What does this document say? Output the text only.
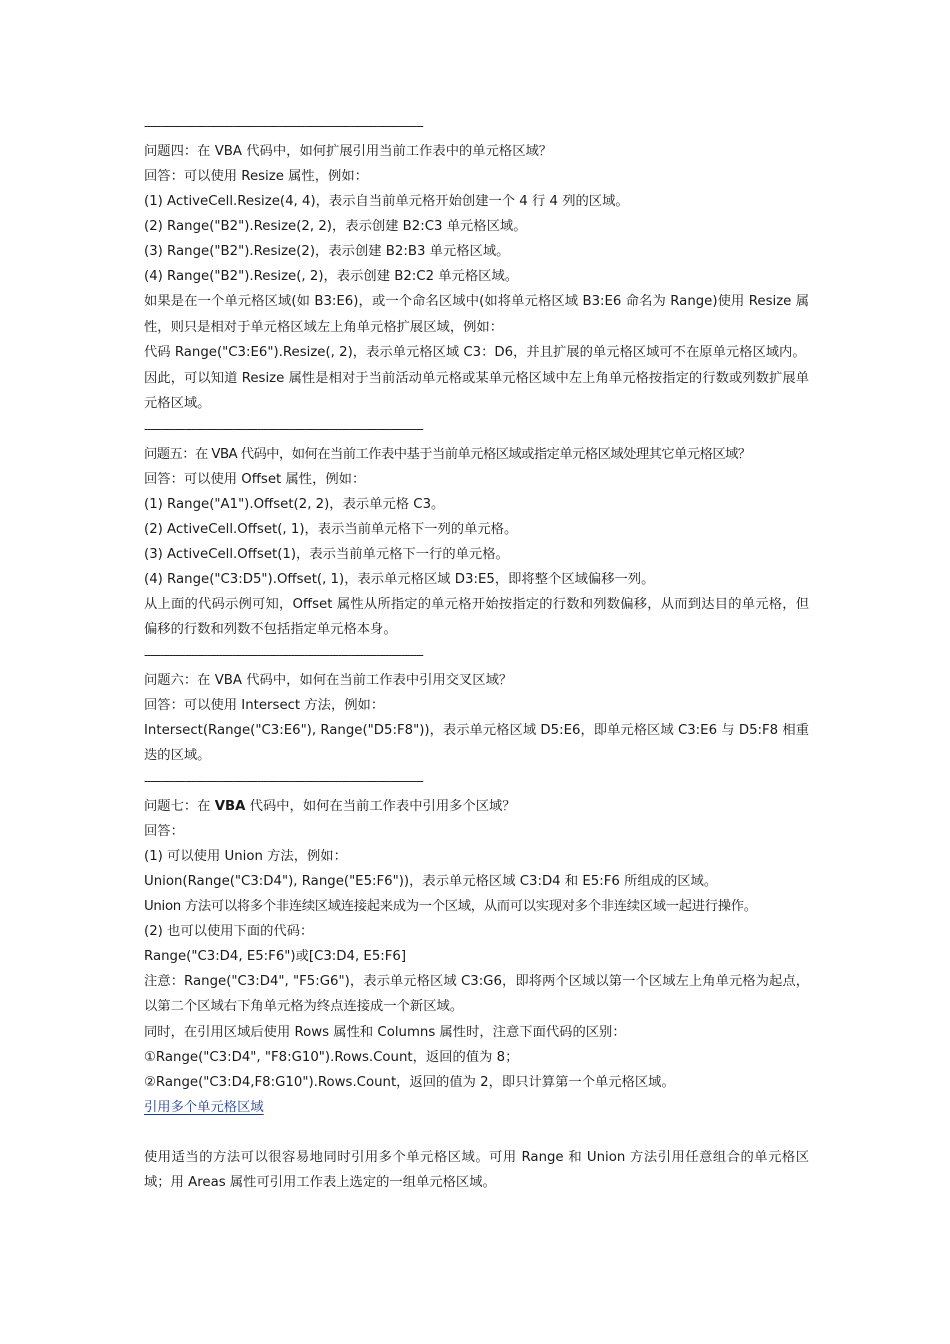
-----------------------------------------------------------------------------------------
问题四：在 VBA 代码中，如何扩展引用当前工作表中的单元格区域？
回答：可以使用 Resize 属性，例如：
(1) ActiveCell.Resize(4, 4)，表示自当前单元格开始创建一个 4 行 4 列的区域。
(2) Range("B2").Resize(2, 2)，表示创建 B2:C3 单元格区域。
(3) Range("B2").Resize(2)，表示创建 B2:B3 单元格区域。
(4) Range("B2").Resize(, 2)，表示创建 B2:C2 单元格区域。
如果是在一个单元格区域(如 B3:E6)，或一个命名区域中(如将单元格区域 B3:E6 命名为 Range)使用 Resize 属性，则只是相对于单元格区域左上角单元格扩展区域，例如：
代码 Range("C3:E6").Resize(, 2)，表示单元格区域 C3：D6，并且扩展的单元格区域可不在原单元格区域内。
因此，可以知道 Resize 属性是相对于当前活动单元格或某单元格区域中左上角单元格按指定的行数或列数扩展单元格区域。
-----------------------------------------------------------------------------------------
问题五：在 VBA 代码中，如何在当前工作表中基于当前单元格区域或指定单元格区域处理其它单元格区域？
回答：可以使用 Offset 属性，例如：
(1) Range("A1").Offset(2, 2)，表示单元格 C3。
(2) ActiveCell.Offset(, 1)，表示当前单元格下一列的单元格。
(3) ActiveCell.Offset(1)，表示当前单元格下一行的单元格。
(4) Range("C3:D5").Offset(, 1)，表示单元格区域 D3:E5，即将整个区域偏移一列。
从上面的代码示例可知，Offset 属性从所指定的单元格开始按指定的行数和列数偏移，从而到达目的单元格，但偏移的行数和列数不包括指定单元格本身。
-----------------------------------------------------------------------------------------
问题六：在 VBA 代码中，如何在当前工作表中引用交叉区域？
回答：可以使用 Intersect 方法，例如：
Intersect(Range("C3:E6"), Range("D5:F8"))，表示单元格区域 D5:E6，即单元格区域 C3:E6 与 D5:F8 相重迭的区域。
-----------------------------------------------------------------------------------------
问题七：在 VBA 代码中，如何在当前工作表中引用多个区域？
回答：
(1) 可以使用 Union 方法，例如：
Union(Range("C3:D4"), Range("E5:F6"))，表示单元格区域 C3:D4 和 E5:F6 所组成的区域。
Union 方法可以将多个非连续区域连接起来成为一个区域，从而可以实现对多个非连续区域一起进行操作。
(2) 也可以使用下面的代码：
Range("C3:D4, E5:F6")或[C3:D4, E5:F6]
注意：Range("C3:D4", "F5:G6")，表示单元格区域 C3:G6，即将两个区域以第一个区域左上角单元格为起点，以第二个区域右下角单元格为终点连接成一个新区域。
同时，在引用区域后使用 Rows 属性和 Columns 属性时，注意下面代码的区别：
①Range("C3:D4", "F8:G10").Rows.Count，返回的值为 8；
②Range("C3:D4,F8:G10").Rows.Count，返回的值为 2，即只计算第一个单元格区域。
引用多个单元格区域
使用适当的方法可以很容易地同时引用多个单元格区域。可用 Range 和 Union 方法引用任意组合的单元格区域；用 Areas 属性可引用工作表上选定的一组单元格区域。
